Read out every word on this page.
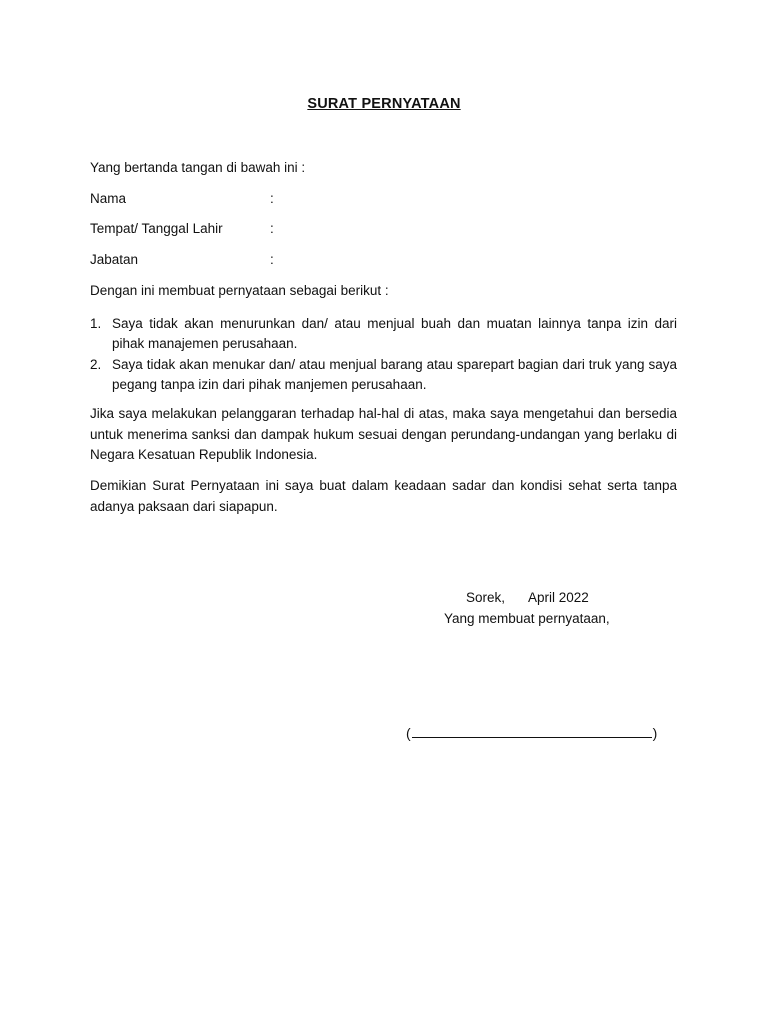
SURAT PERNYATAAN
Yang bertanda tangan di bawah ini :
Nama	:
Tempat/ Tanggal Lahir	:
Jabatan	:
Dengan ini membuat pernyataan sebagai berikut :
1. Saya tidak akan menurunkan dan/ atau menjual buah dan muatan lainnya tanpa izin dari pihak manajemen perusahaan.
2. Saya tidak akan menukar dan/ atau menjual barang atau sparepart bagian dari truk yang saya pegang tanpa izin dari pihak manjemen perusahaan.
Jika saya melakukan pelanggaran terhadap hal-hal di atas, maka saya mengetahui dan bersedia untuk menerima sanksi dan dampak hukum sesuai dengan perundang-undangan yang berlaku di Negara Kesatuan Republik Indonesia.
Demikian Surat Pernyataan ini saya buat dalam keadaan sadar dan kondisi sehat serta tanpa adanya paksaan dari siapapun.
Sorek, April 2022
Yang membuat pernyataan,
(	)
